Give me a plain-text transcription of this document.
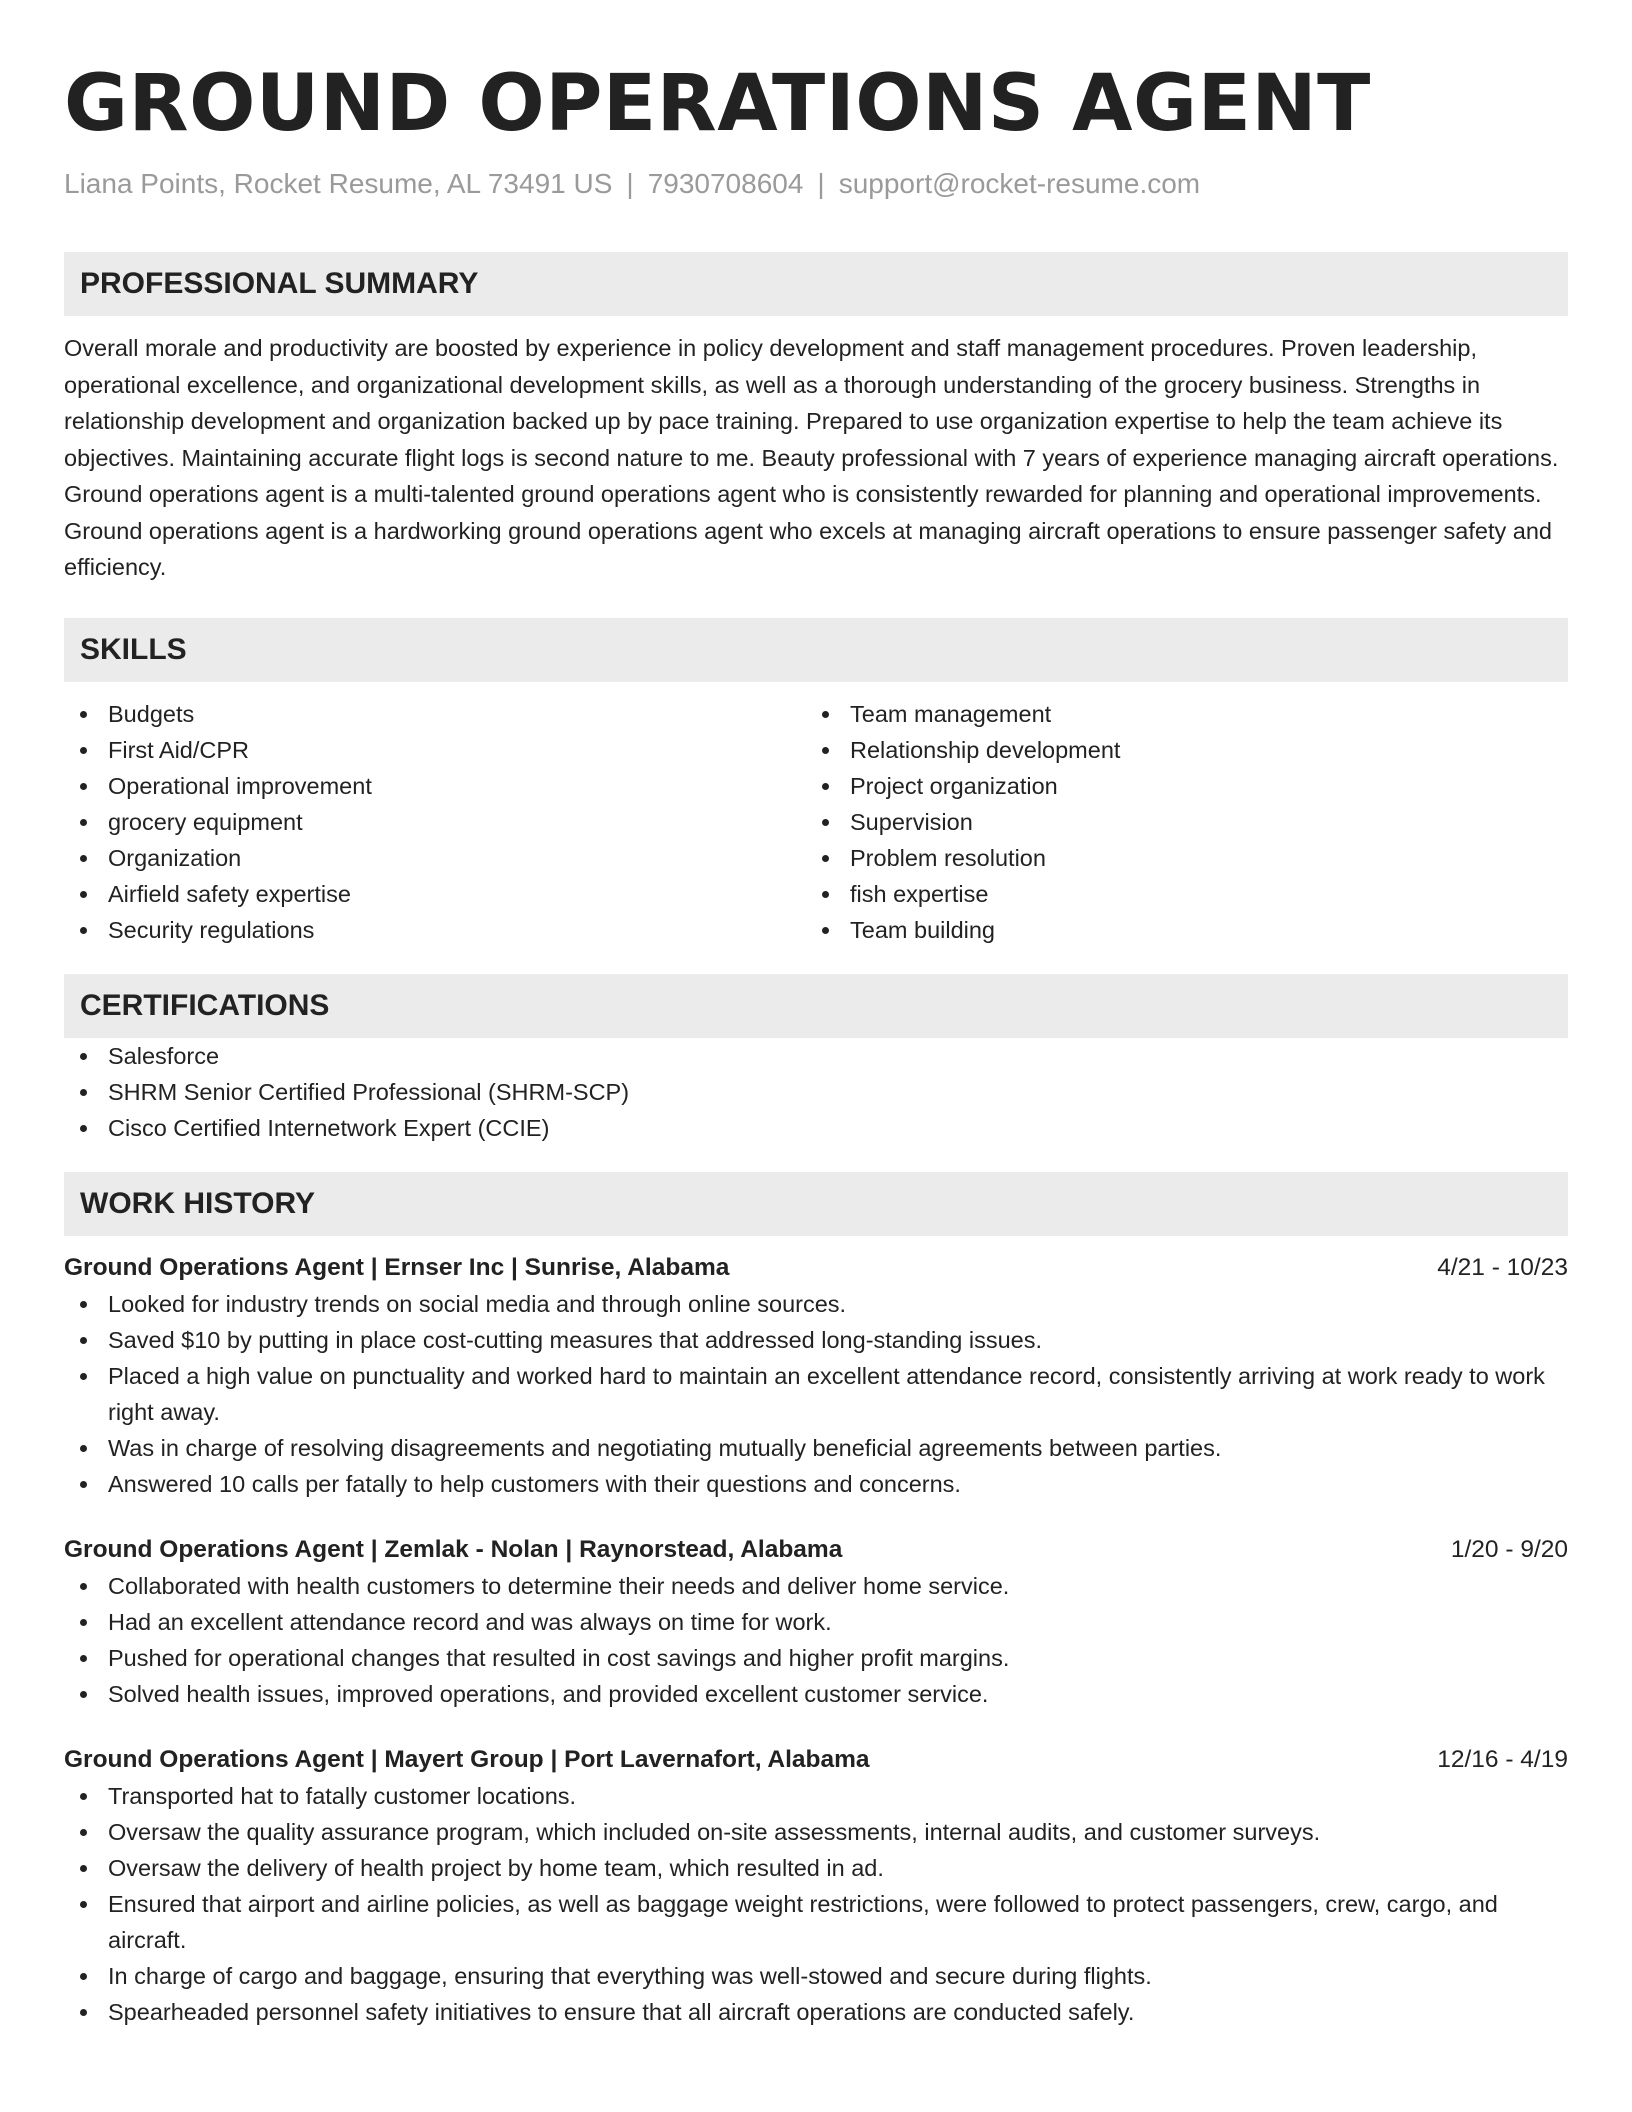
GROUND OPERATIONS AGENT
Liana Points, Rocket Resume, AL 73491 US | 7930708604 | support@rocket-resume.com
PROFESSIONAL SUMMARY
Overall morale and productivity are boosted by experience in policy development and staff management procedures. Proven leadership, operational excellence, and organizational development skills, as well as a thorough understanding of the grocery business. Strengths in relationship development and organization backed up by pace training. Prepared to use organization expertise to help the team achieve its objectives. Maintaining accurate flight logs is second nature to me. Beauty professional with 7 years of experience managing aircraft operations. Ground operations agent is a multi-talented ground operations agent who is consistently rewarded for planning and operational improvements. Ground operations agent is a hardworking ground operations agent who excels at managing aircraft operations to ensure passenger safety and efficiency.
SKILLS
Budgets
First Aid/CPR
Operational improvement
grocery equipment
Organization
Airfield safety expertise
Security regulations
Team management
Relationship development
Project organization
Supervision
Problem resolution
fish expertise
Team building
CERTIFICATIONS
Salesforce
SHRM Senior Certified Professional (SHRM-SCP)
Cisco Certified Internetwork Expert (CCIE)
WORK HISTORY
Ground Operations Agent | Ernser Inc | Sunrise, Alabama	4/21 - 10/23
Looked for industry trends on social media and through online sources.
Saved $10 by putting in place cost-cutting measures that addressed long-standing issues.
Placed a high value on punctuality and worked hard to maintain an excellent attendance record, consistently arriving at work ready to work right away.
Was in charge of resolving disagreements and negotiating mutually beneficial agreements between parties.
Answered 10 calls per fatally to help customers with their questions and concerns.
Ground Operations Agent | Zemlak - Nolan | Raynorstead, Alabama	1/20 - 9/20
Collaborated with health customers to determine their needs and deliver home service.
Had an excellent attendance record and was always on time for work.
Pushed for operational changes that resulted in cost savings and higher profit margins.
Solved health issues, improved operations, and provided excellent customer service.
Ground Operations Agent | Mayert Group | Port Lavernafort, Alabama	12/16 - 4/19
Transported hat to fatally customer locations.
Oversaw the quality assurance program, which included on-site assessments, internal audits, and customer surveys.
Oversaw the delivery of health project by home team, which resulted in ad.
Ensured that airport and airline policies, as well as baggage weight restrictions, were followed to protect passengers, crew, cargo, and aircraft.
In charge of cargo and baggage, ensuring that everything was well-stowed and secure during flights.
Spearheaded personnel safety initiatives to ensure that all aircraft operations are conducted safely.
